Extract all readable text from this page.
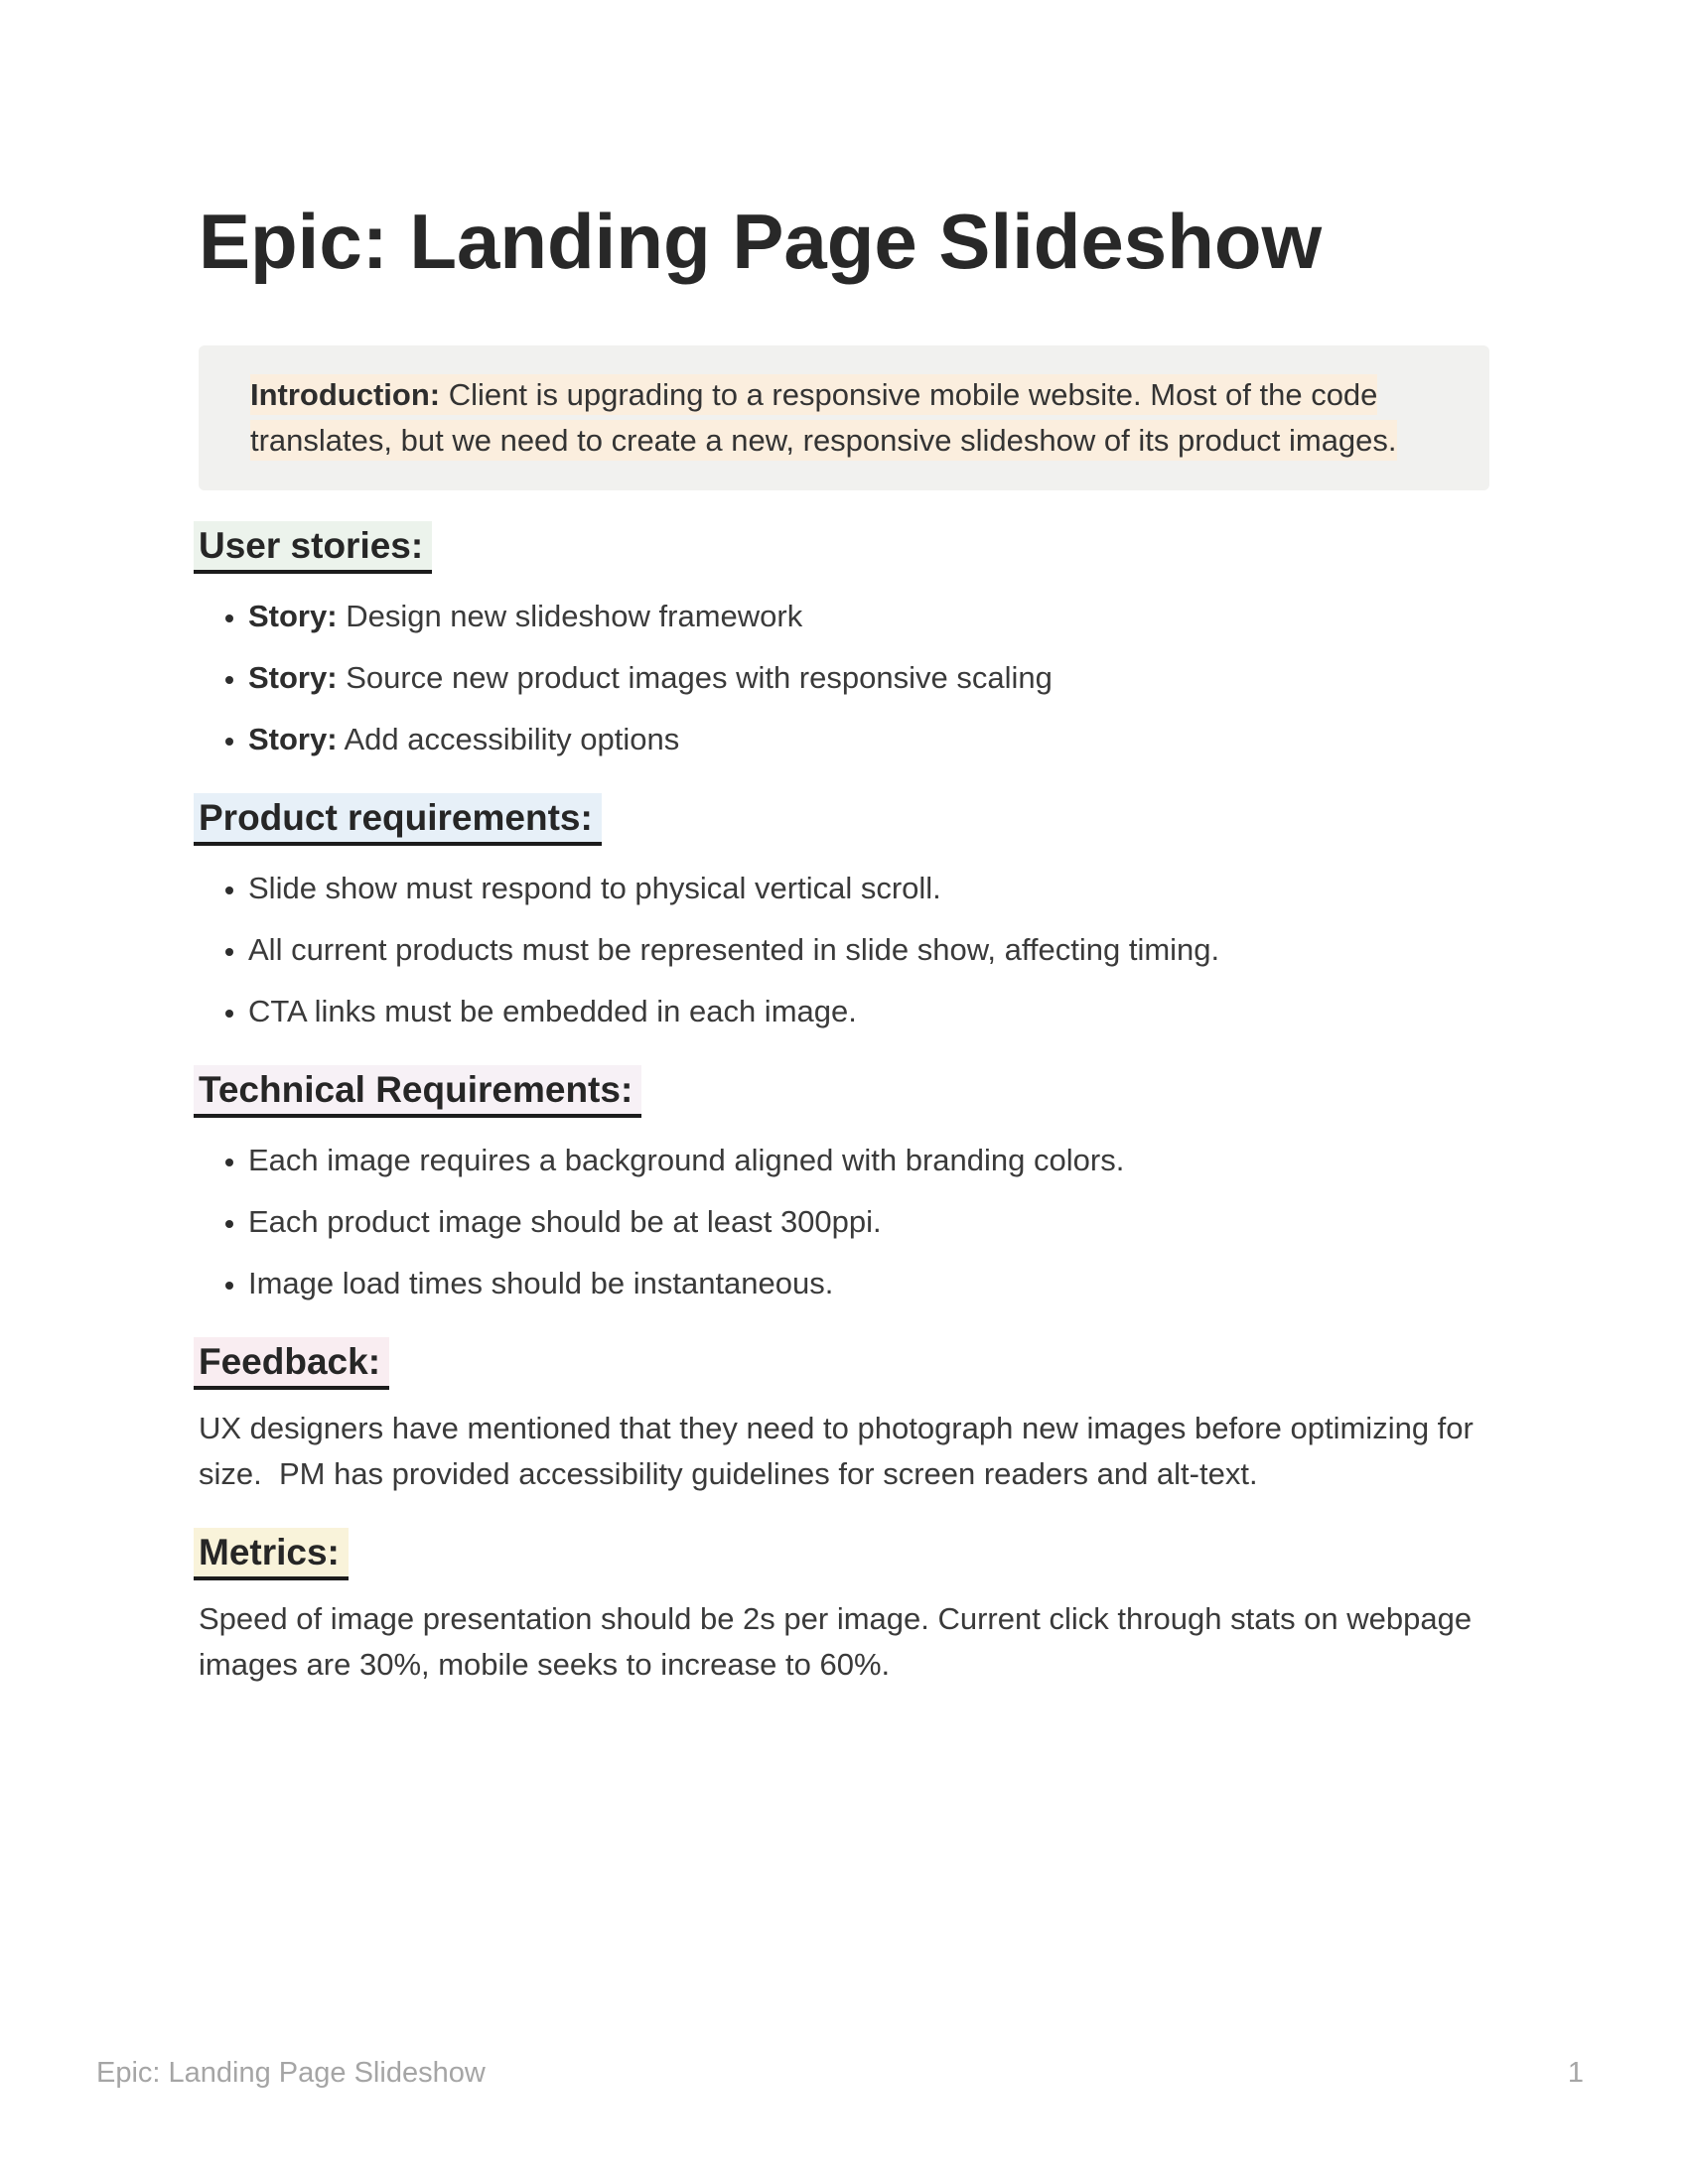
Epic: Landing Page Slideshow

Introduction: Client is upgrading to a responsive mobile website. Most of the code translates, but we need to create a new, responsive slideshow of its product images.

User stories:
• Story: Design new slideshow framework
• Story: Source new product images with responsive scaling
• Story: Add accessibility options
Product requirements:
• Slide show must respond to physical vertical scroll.
• All current products must be represented in slide show, affecting timing.
• CTA links must be embedded in each image.
Technical Requirements:
• Each image requires a background aligned with branding colors.
• Each product image should be at least 300ppi.
• Image load times should be instantaneous.
Feedback:

UX designers have mentioned that they need to photograph new images before optimizing for size.  PM has provided accessibility guidelines for screen readers and alt-text.

Metrics:

Speed of image presentation should be 2s per image. Current click through stats on webpage images are 30%, mobile seeks to increase to 60%.

Epic: Landing Page Slideshow	1
